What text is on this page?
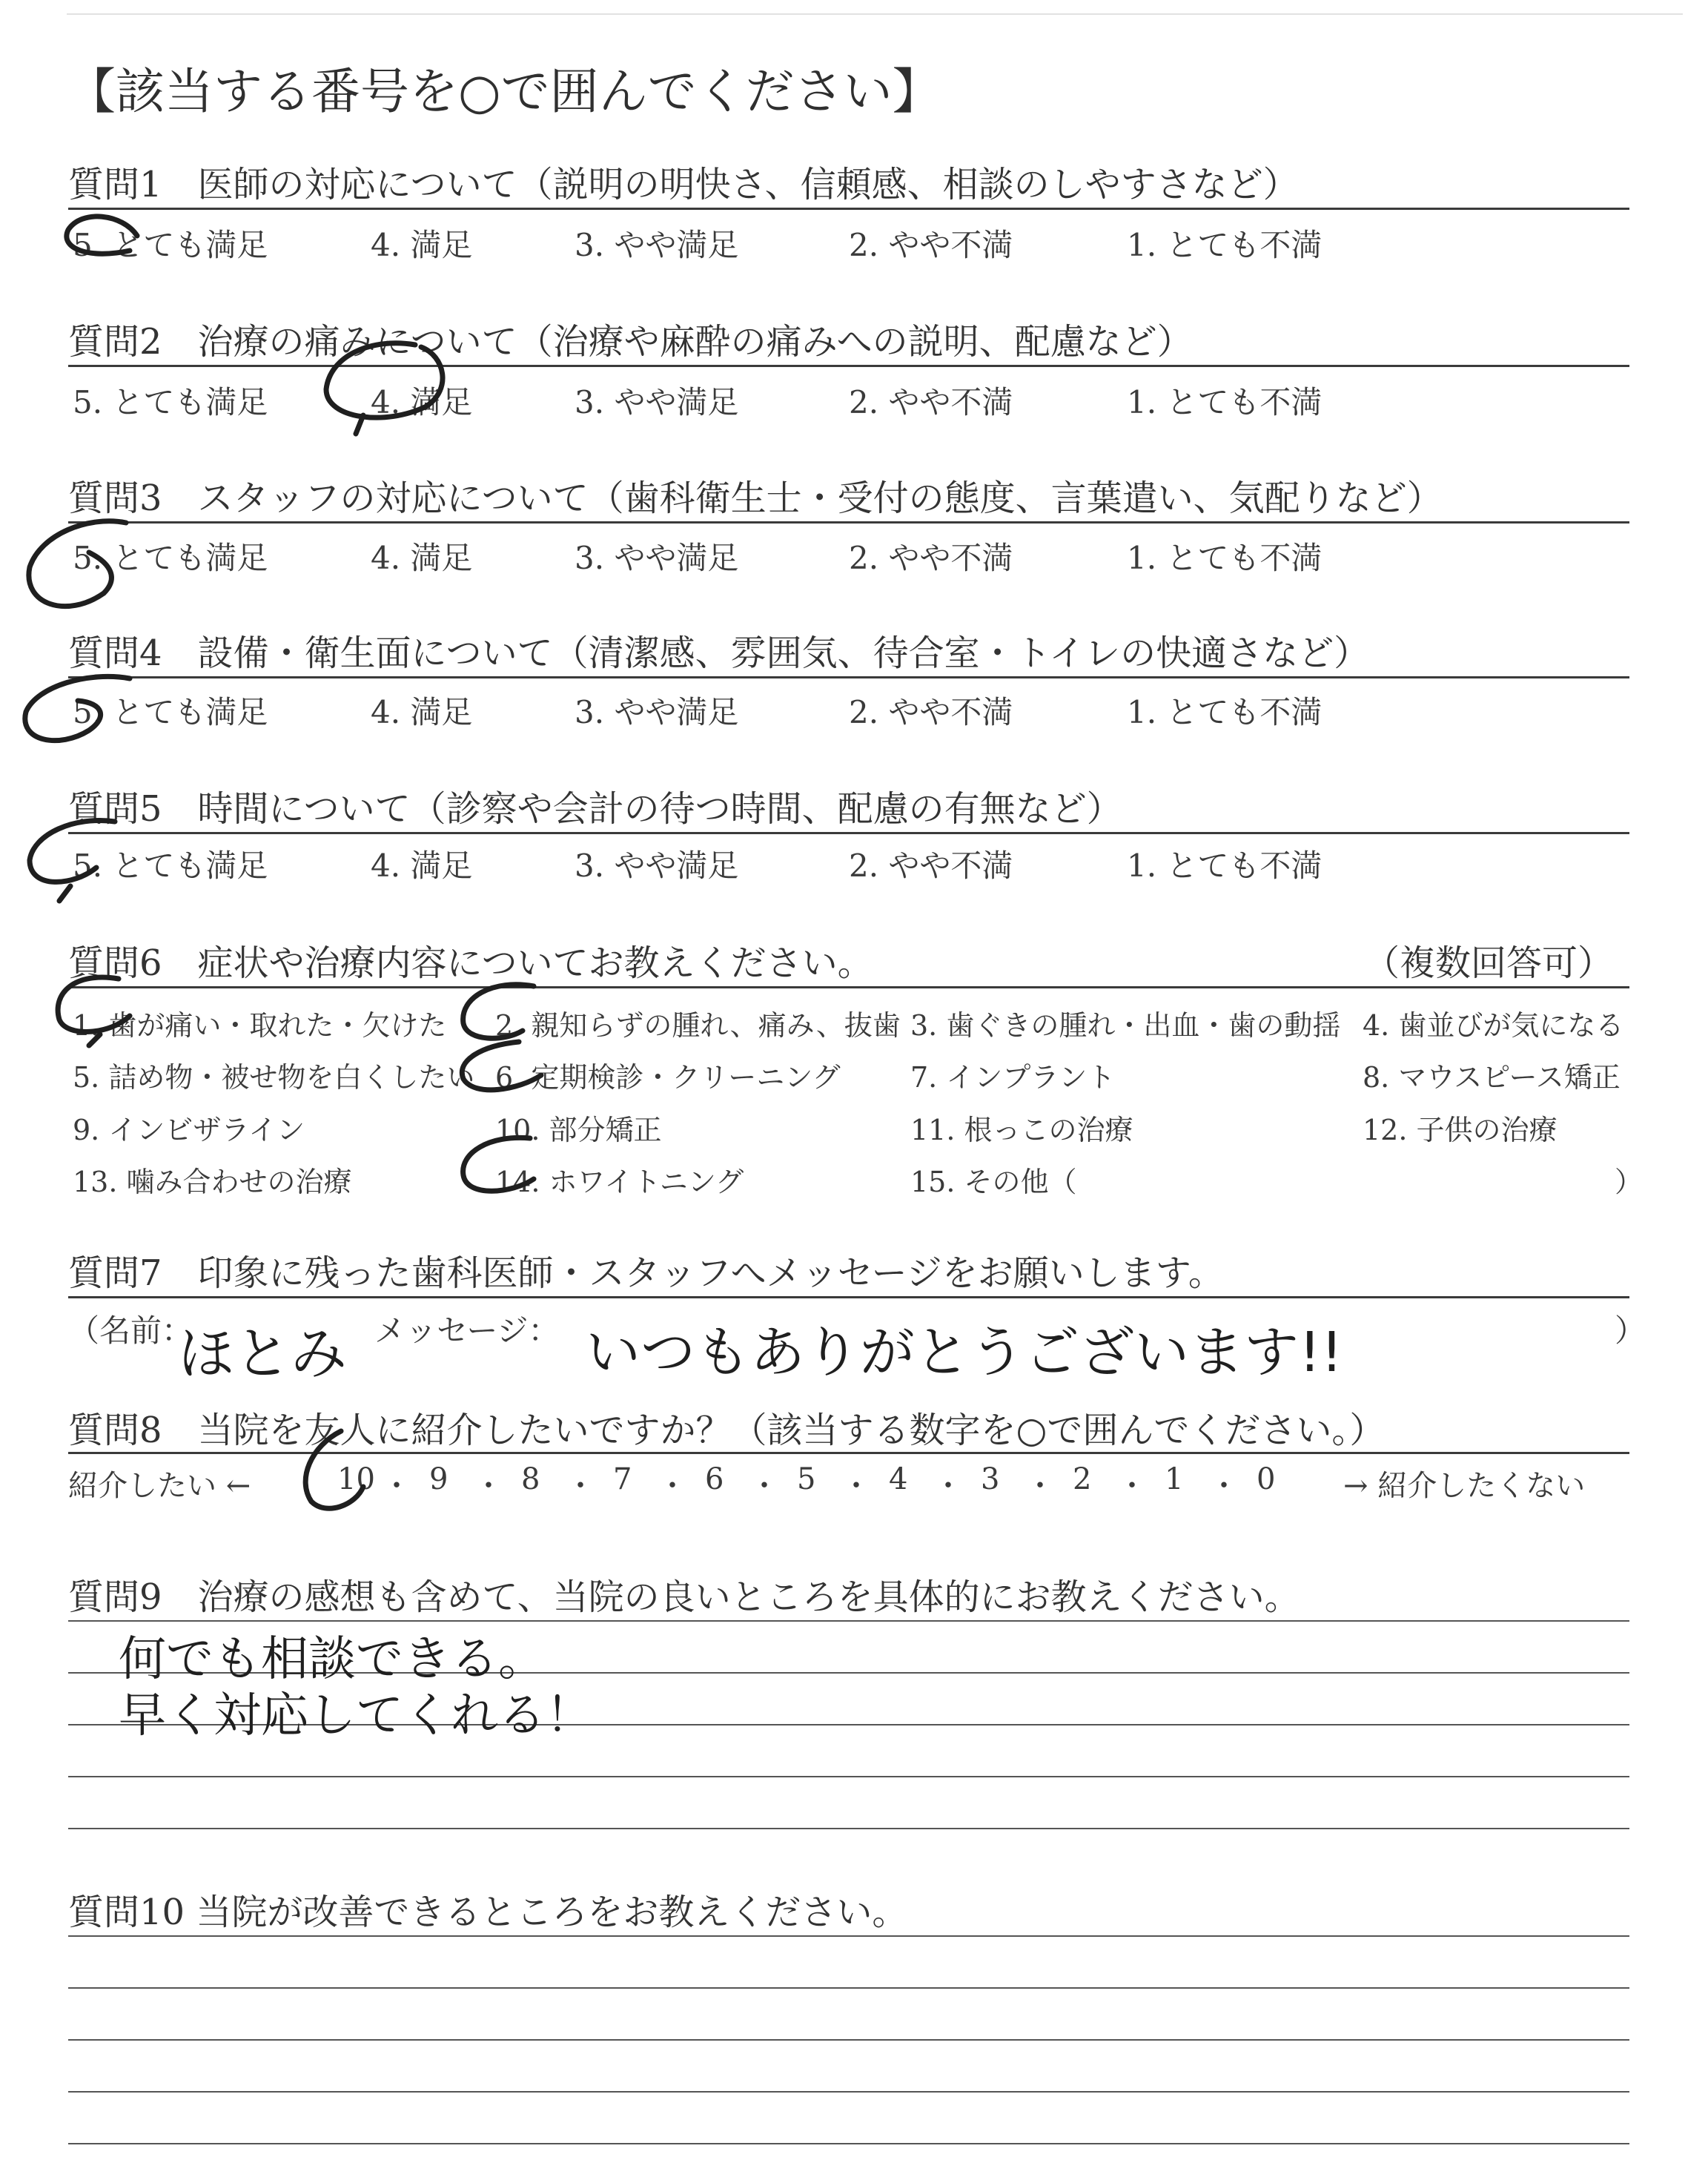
【該当する番号を○で囲んでください】
質問1　医師の対応について（説明の明快さ、信頼感、相談のしやすさなど）
5. とても満足	4. 満足	3. やや満足	2. やや不満	1. とても不満
質問2　治療の痛みについて（治療や麻酔の痛みへの説明、配慮など）
5. とても満足	4. 満足	3. やや満足	2. やや不満	1. とても不満
質問3　スタッフの対応について（歯科衛生士・受付の態度、言葉遣い、気配りなど）
5. とても満足	4. 満足	3. やや満足	2. やや不満	1. とても不満
質問4　設備・衛生面について（清潔感、雰囲気、待合室・トイレの快適さなど）
5. とても満足	4. 満足	3. やや満足	2. やや不満	1. とても不満
質問5　時間について（診察や会計の待つ時間、配慮の有無など）
5. とても満足	4. 満足	3. やや満足	2. やや不満	1. とても不満
質問6　症状や治療内容についてお教えください。	（複数回答可）
1. 歯が痛い・取れた・欠けた 2. 親知らずの腫れ、痛み、抜歯 3. 歯ぐきの腫れ・出血・歯の動揺 4. 歯並びが気になる
5. 詰め物・被せ物を白くしたい 6. 定期検診・クリーニング 7. インプラント	8. マウスピース矯正
9. インビザライン	10. 部分矯正	11. 根っこの治療	12. 子供の治療
13. 噛み合わせの治療	14. ホワイトニング	15. その他（	）
質問7　印象に残った歯科医師・スタッフへメッセージをお願いします。
（名前：	メッセージ：	）
ほとみ	いつもありがとうございます!!
質問8　当院を友人に紹介したいですか？（該当する数字を○で囲んでください。）
紹介したい ←	10 ・ 9 ・ 8 ・ 7 ・ 6 ・ 5 ・ 4 ・ 3 ・ 2 ・ 1 ・ 0 → 紹介したくない
質問9　治療の感想も含めて、当院の良いところを具体的にお教えください。
何でも相談できる。
早く対応してくれる！
質問10 当院が改善できるところをお教えください。
